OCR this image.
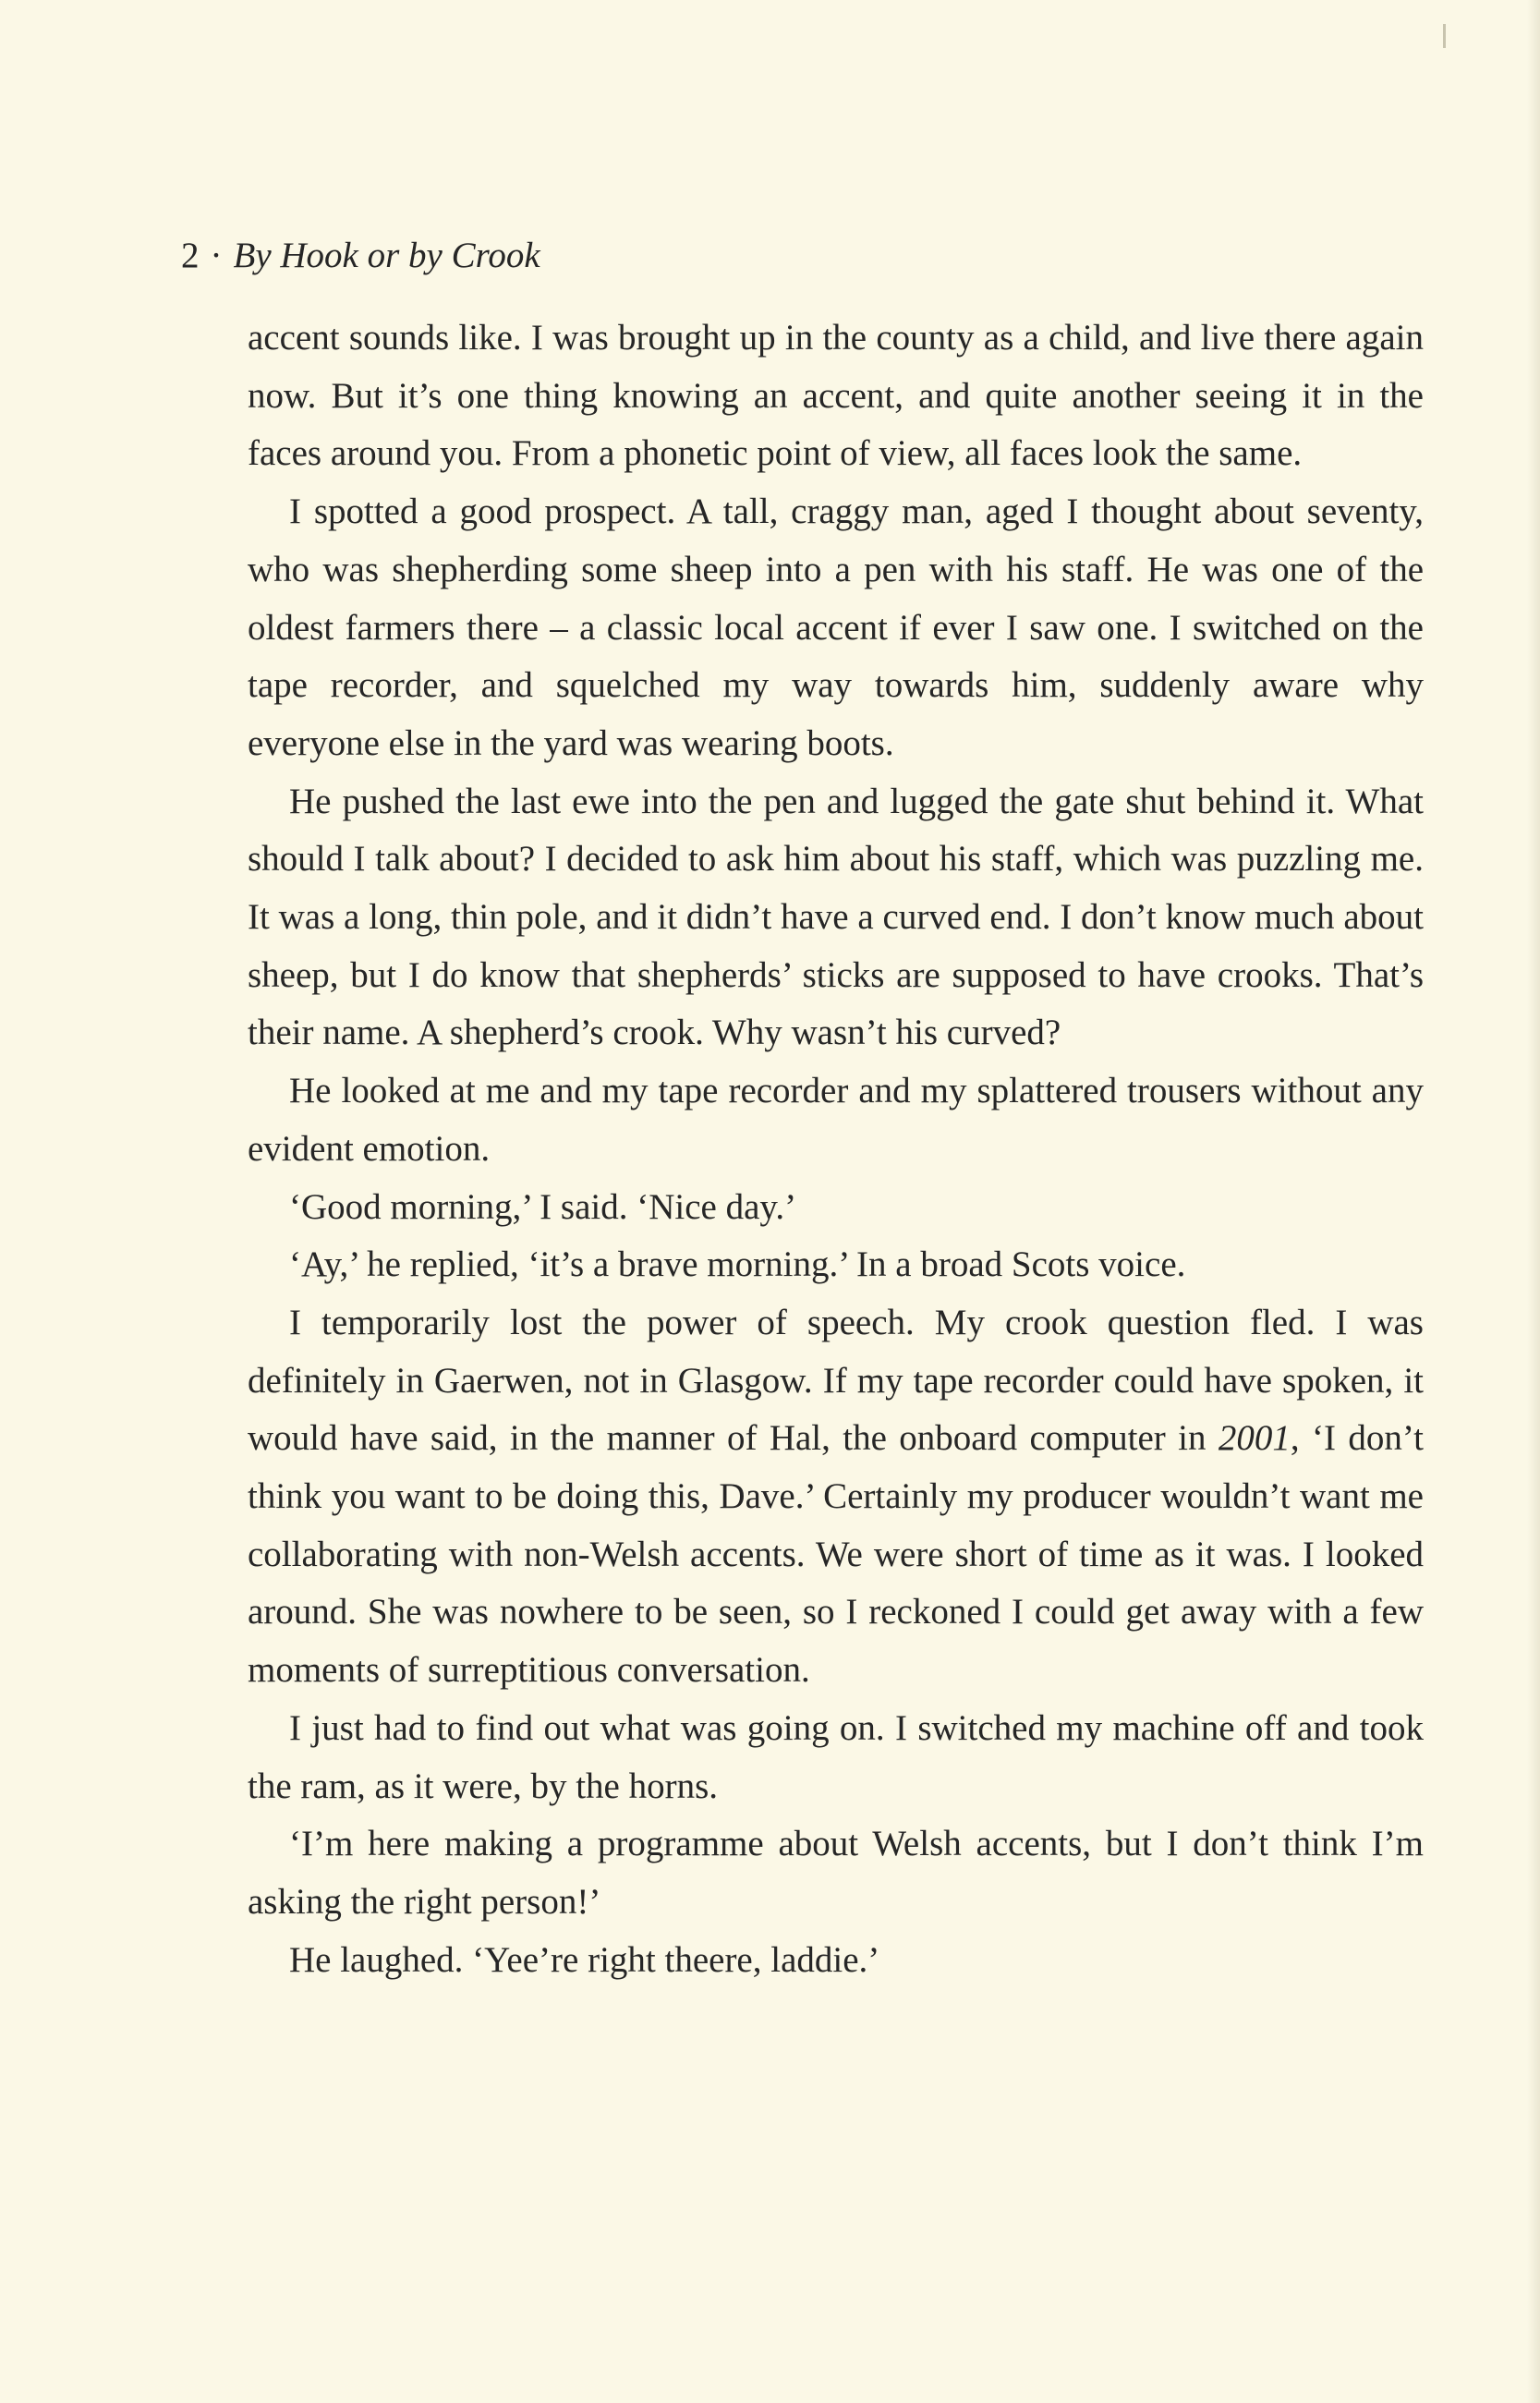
2 · By Hook or by Crook

accent sounds like. I was brought up in the county as a child, and live there again now. But it’s one thing knowing an accent, and quite another seeing it in the faces around you. From a phonetic point of view, all faces look the same.

I spotted a good prospect. A tall, craggy man, aged I thought about seventy, who was shepherding some sheep into a pen with his staff. He was one of the oldest farmers there – a classic local accent if ever I saw one. I switched on the tape recorder, and squelched my way towards him, suddenly aware why everyone else in the yard was wearing boots.

He pushed the last ewe into the pen and lugged the gate shut behind it. What should I talk about? I decided to ask him about his staff, which was puzzling me. It was a long, thin pole, and it didn’t have a curved end. I don’t know much about sheep, but I do know that shepherds’ sticks are supposed to have crooks. That’s their name. A shepherd’s crook. Why wasn’t his curved?

He looked at me and my tape recorder and my splattered trousers without any evident emotion.

‘Good morning,’ I said. ‘Nice day.’

‘Ay,’ he replied, ‘it’s a brave morning.’ In a broad Scots voice.

I temporarily lost the power of speech. My crook question fled. I was definitely in Gaerwen, not in Glasgow. If my tape recorder could have spoken, it would have said, in the manner of Hal, the onboard computer in 2001, ‘I don’t think you want to be doing this, Dave.’ Certainly my producer wouldn’t want me collaborating with non-Welsh accents. We were short of time as it was. I looked around. She was nowhere to be seen, so I reckoned I could get away with a few moments of surreptitious conversation.

I just had to find out what was going on. I switched my machine off and took the ram, as it were, by the horns.

‘I’m here making a programme about Welsh accents, but I don’t think I’m asking the right person!’

He laughed. ‘Yee’re right theere, laddie.’
